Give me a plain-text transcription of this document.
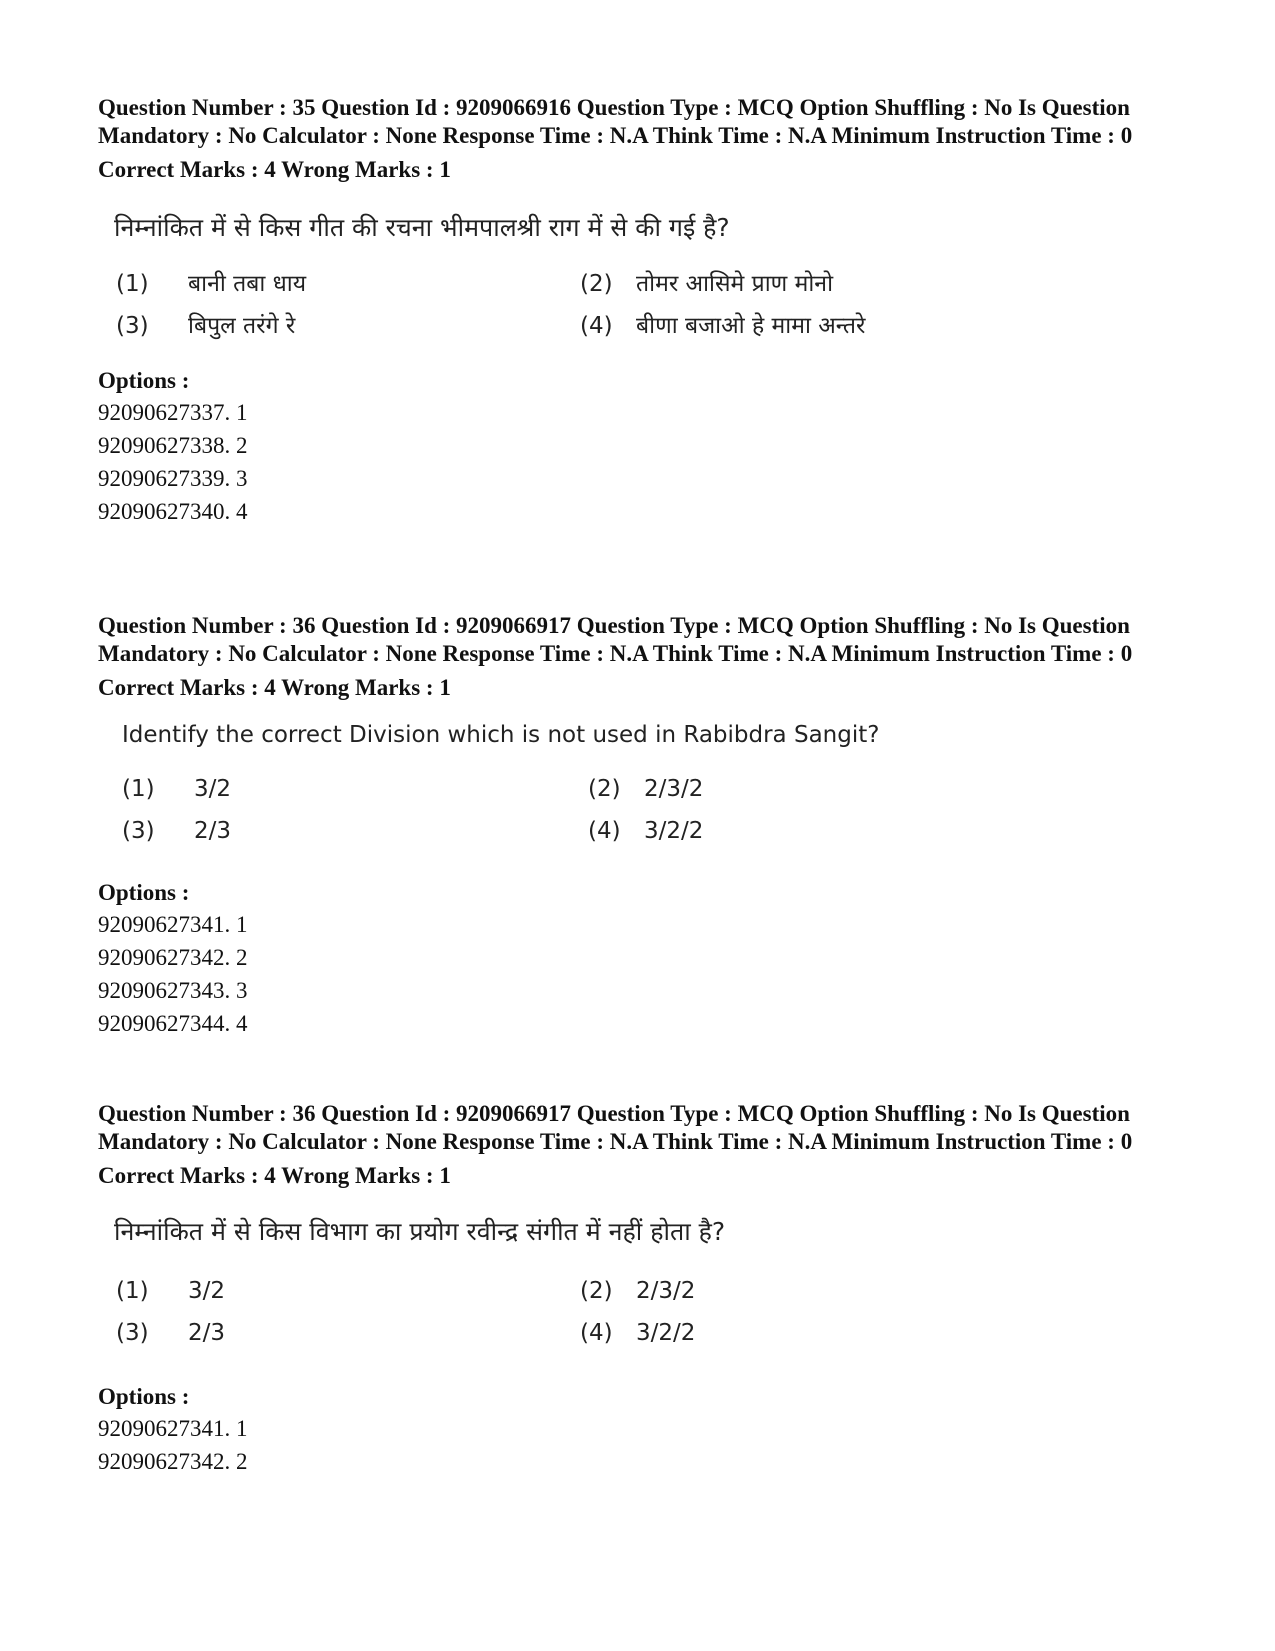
Question Number : 35 Question Id : 9209066916 Question Type : MCQ Option Shuffling : No Is Question Mandatory : No Calculator : None Response Time : N.A Think Time : N.A Minimum Instruction Time : 0

Correct Marks : 4 Wrong Marks : 1

निम्नांकित में से किस गीत की रचना भीमपालश्री राग में से की गई है?
(1) बानी तबा धाय	(2) तोमर आसिमे प्राण मोनो
(3) बिपुल तरंगे रे	(4) बीणा बजाओ हे मामा अन्तरे

Options :

92090627337. 1

92090627338. 2

92090627339. 3

92090627340. 4

Question Number : 36 Question Id : 9209066917 Question Type : MCQ Option Shuffling : No Is Question Mandatory : No Calculator : None Response Time : N.A Think Time : N.A Minimum Instruction Time : 0

Correct Marks : 4 Wrong Marks : 1

Identify the correct Division which is not used in Rabibdra Sangit?
(1) 3/2	(2) 2/3/2
(3) 2/3	(4) 3/2/2

Options :

92090627341. 1

92090627342. 2

92090627343. 3

92090627344. 4

Question Number : 36 Question Id : 9209066917 Question Type : MCQ Option Shuffling : No Is Question Mandatory : No Calculator : None Response Time : N.A Think Time : N.A Minimum Instruction Time : 0

Correct Marks : 4 Wrong Marks : 1

निम्नांकित में से किस विभाग का प्रयोग रवीन्द्र संगीत में नहीं होता है?
(1) 3/2	(2) 2/3/2
(3) 2/3	(4) 3/2/2

Options :

92090627341. 1

92090627342. 2
